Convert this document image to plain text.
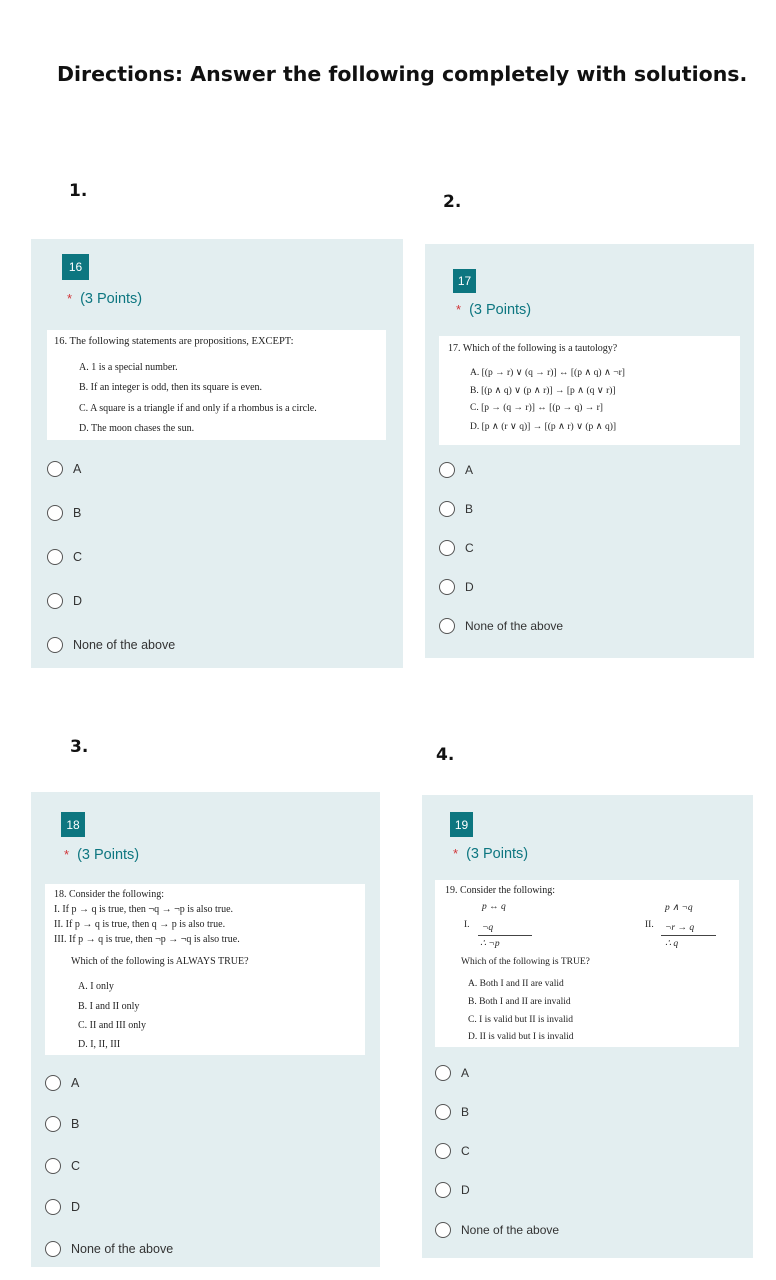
Directions: Answer the following completely with solutions.
1.
16
* (3 Points)
16. The following statements are propositions, EXCEPT:
A. 1 is a special number.
B. If an integer is odd, then its square is even.
C. A square is a triangle if and only if a rhombus is a circle.
D. The moon chases the sun.
A
B
C
D
None of the above
2.
17
* (3 Points)
17. Which of the following is a tautology?
A. [(p → r) ∨ (q → r)] ↔ [(p ∧ q) ∧ ¬r]
B. [(p ∧ q) ∨ (p ∧ r)] → [p ∧ (q ∨ r)]
C. [p → (q → r)] ↔ [(p → q) → r]
D. [p ∧ (r ∨ q)] → [(p ∧ r) ∨ (p ∧ q)]
A
B
C
D
None of the above
3.
18
* (3 Points)
18. Consider the following:
I. If p → q is true, then ¬q → ¬p is also true.
II. If p → q is true, then q → p is also true.
III. If p → q is true, then ¬p → ¬q is also true.
Which of the following is ALWAYS TRUE?
A. I only
B. I and II only
C. II and III only
D. I, II, III
A
B
C
D
None of the above
4.
19
* (3 Points)
19. Consider the following:
p ↔ q
I. ¬q
∴ ¬p
p ∧ ¬q
II. ¬r → q
∴ q
Which of the following is TRUE?
A. Both I and II are valid
B. Both I and II are invalid
C. I is valid but II is invalid
D. II is valid but I is invalid
A
B
C
D
None of the above
